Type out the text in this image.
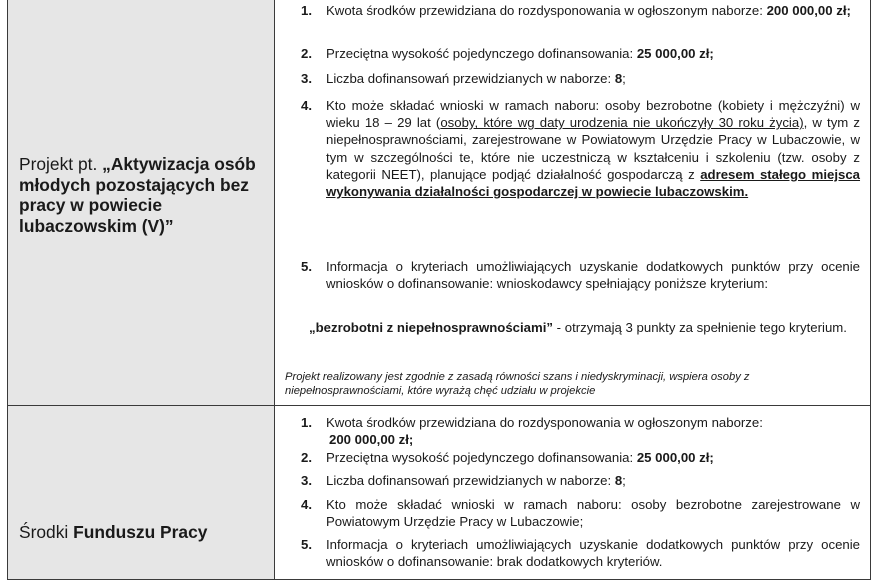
Projekt pt. „Aktywizacja osób młodych pozostających bez pracy w powiecie lubaczowskim (V)”
1. Kwota środków przewidziana do rozdysponowania w ogłoszonym naborze: 200 000,00 zł;
2. Przeciętna wysokość pojedynczego dofinansowania: 25 000,00 zł;
3. Liczba dofinansowań przewidzianych w naborze: 8;
4. Kto może składać wnioski w ramach naboru: osoby bezrobotne (kobiety i mężczyźni) w wieku 18 – 29 lat (osoby, które wg daty urodzenia nie ukończyły 30 roku życia), w tym z niepełnosprawnościami, zarejestrowane w Powiatowym Urzędzie Pracy w Lubaczowie, w tym w szczególności te, które nie uczestniczą w kształceniu i szkoleniu (tzw. osoby z kategorii NEET), planujące podjąć działalność gospodarczą z adresem stałego miejsca wykonywania działalności gospodarczej w powiecie lubaczowskim.
5. Informacja o kryteriach umożliwiających uzyskanie dodatkowych punktów przy ocenie wniosków o dofinansowanie: wnioskodawcy spełniający poniższe kryterium:
„bezrobotni z niepełnosprawnościami” - otrzymają 3 punkty za spełnienie tego kryterium.
Projekt realizowany jest zgodnie z zasadą równości szans i niedyskryminacji, wspiera osoby z niepełnosprawnościami, które wyrażą chęć udziału w projekcie
Środki Funduszu Pracy
1. Kwota środków przewidziana do rozdysponowania w ogłoszonym naborze:
200 000,00 zł;
2. Przeciętna wysokość pojedynczego dofinansowania: 25 000,00 zł;
3. Liczba dofinansowań przewidzianych w naborze: 8;
4. Kto może składać wnioski w ramach naboru: osoby bezrobotne zarejestrowane w Powiatowym Urzędzie Pracy w Lubaczowie;
5. Informacja o kryteriach umożliwiających uzyskanie dodatkowych punktów przy ocenie wniosków o dofinansowanie: brak dodatkowych kryteriów.
